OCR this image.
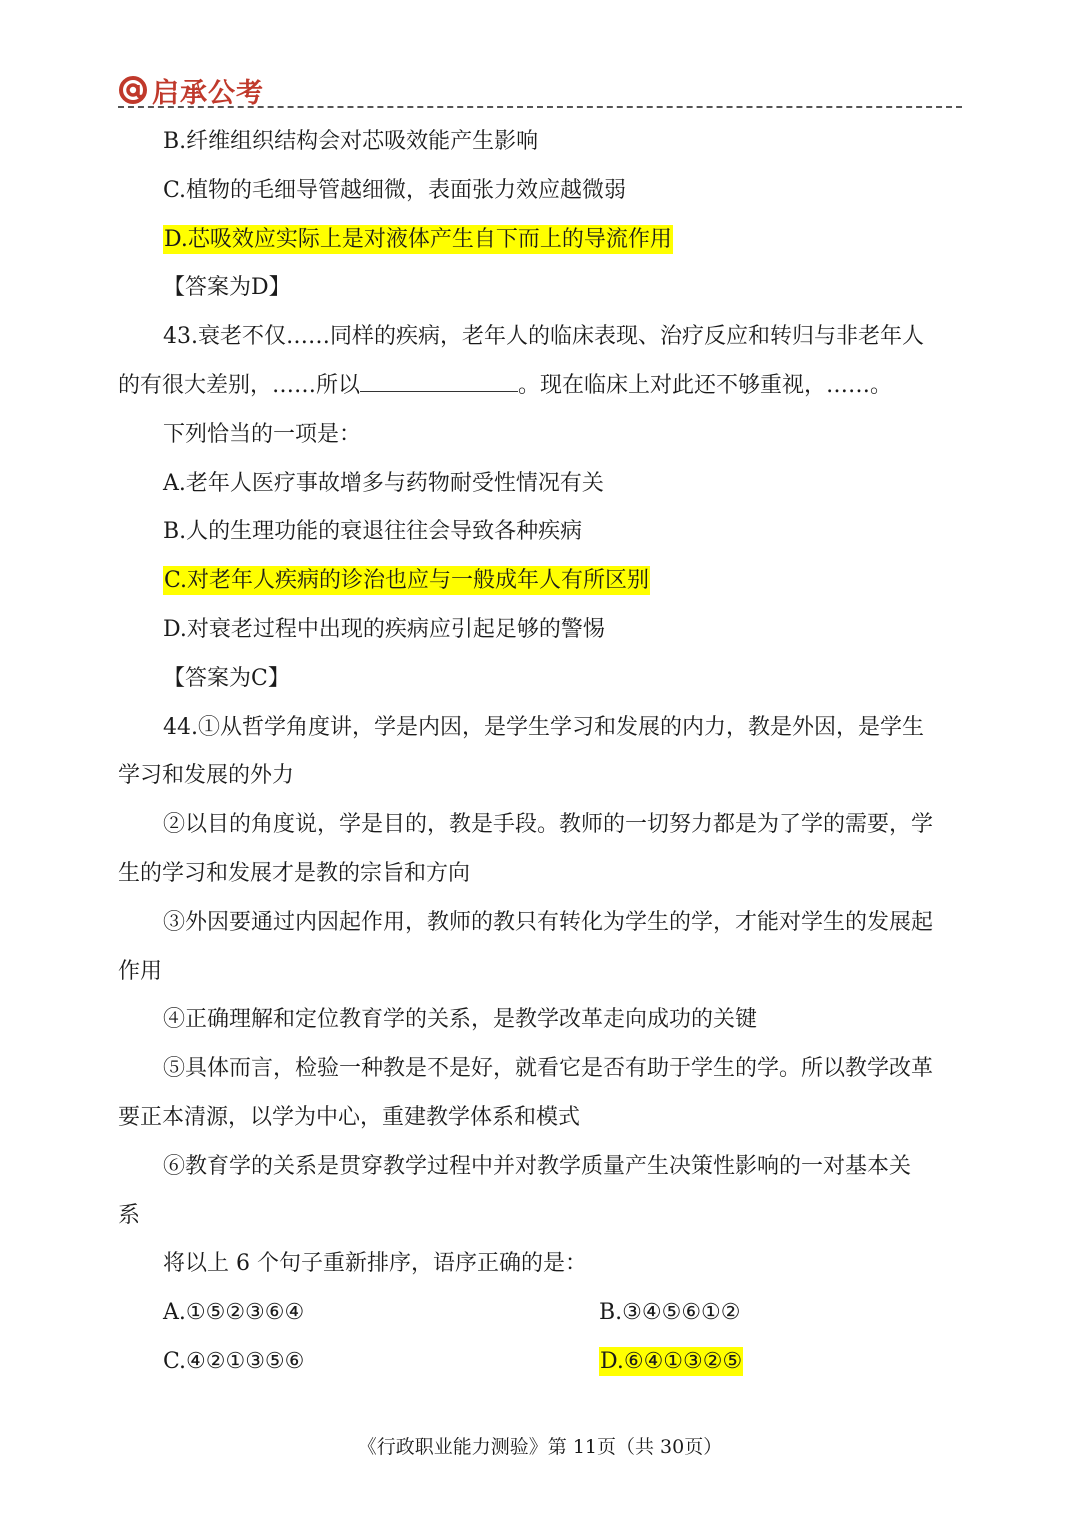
启承公考
B.纤维组织结构会对芯吸效能产生影响
C.植物的毛细导管越细微，表面张力效应越微弱
D.芯吸效应实际上是对液体产生自下而上的导流作用
【答案为D】
43.衰老不仅……同样的疾病，老年人的临床表现、治疗反应和转归与非老年人
的有很大差别，……所以	。现在临床上对此还不够重视，……。
下列恰当的一项是：
A.老年人医疗事故增多与药物耐受性情况有关
B.人的生理功能的衰退往往会导致各种疾病
C.对老年人疾病的诊治也应与一般成年人有所区别
D.对衰老过程中出现的疾病应引起足够的警惕
【答案为C】
44.①从哲学角度讲，学是内因，是学生学习和发展的内力，教是外因，是学生
学习和发展的外力
②以目的角度说，学是目的，教是手段。教师的一切努力都是为了学的需要，学
生的学习和发展才是教的宗旨和方向
③外因要通过内因起作用，教师的教只有转化为学生的学，才能对学生的发展起
作用
④正确理解和定位教育学的关系，是教学改革走向成功的关键
⑤具体而言，检验一种教是不是好，就看它是否有助于学生的学。所以教学改革
要正本清源，以学为中心，重建教学体系和模式
⑥教育学的关系是贯穿教学过程中并对教学质量产生决策性影响的一对基本关
系
将以上 6 个句子重新排序，语序正确的是：
A.①⑤②③⑥④	B.③④⑤⑥①②
C.④②①③⑤⑥	D.⑥④①③②⑤
《行政职业能力测验》第 11页（共 30页）
